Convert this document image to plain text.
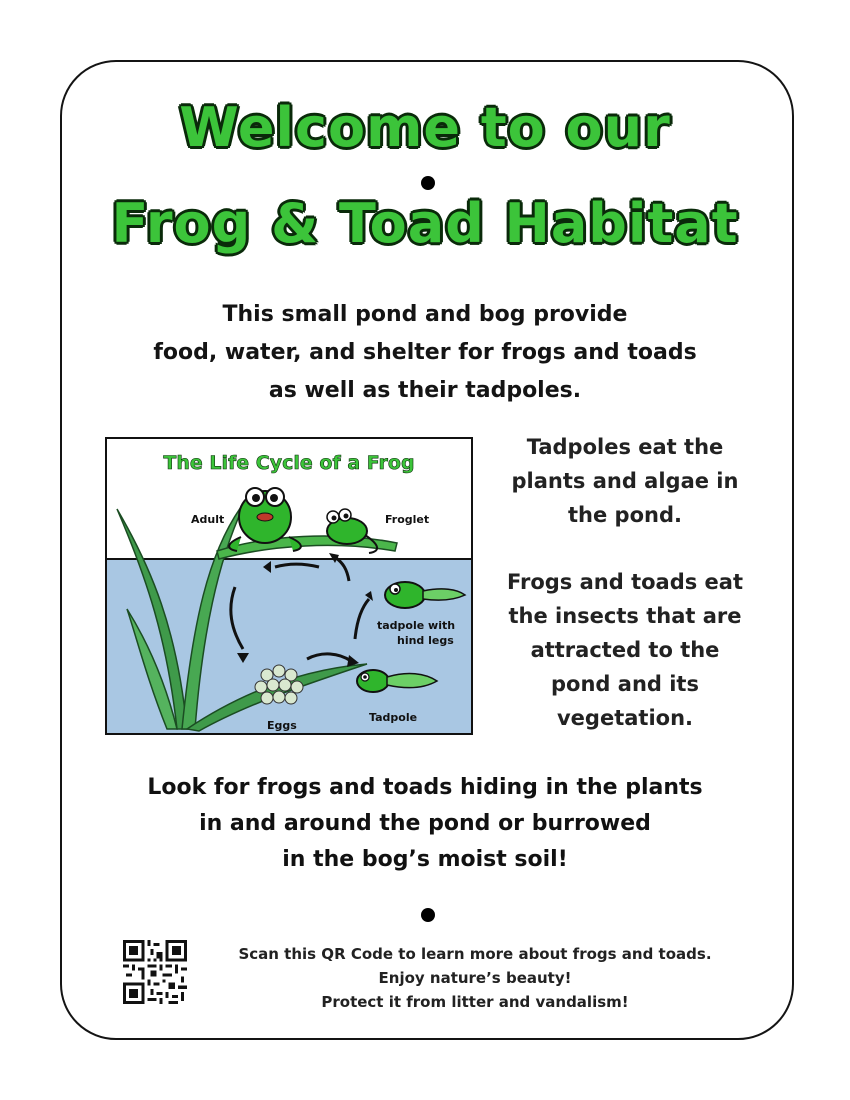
Welcome to our
Frog & Toad Habitat
This small pond and bog provide
food, water, and shelter for frogs and toads
as well as their tadpoles.
The Life Cycle of a Frog
Adult	Froglet
tadpole with
hind legs
Tadpole
Eggs
Tadpoles eat the
plants and algae in
the pond.
Frogs and toads eat
the insects that are
attracted to the
pond and its
vegetation.
Look for frogs and toads hiding in the plants
in and around the pond or burrowed
in the bog’s moist soil!
Scan this QR Code to learn more about frogs and toads.
Enjoy nature’s beauty!
Protect it from litter and vandalism!
